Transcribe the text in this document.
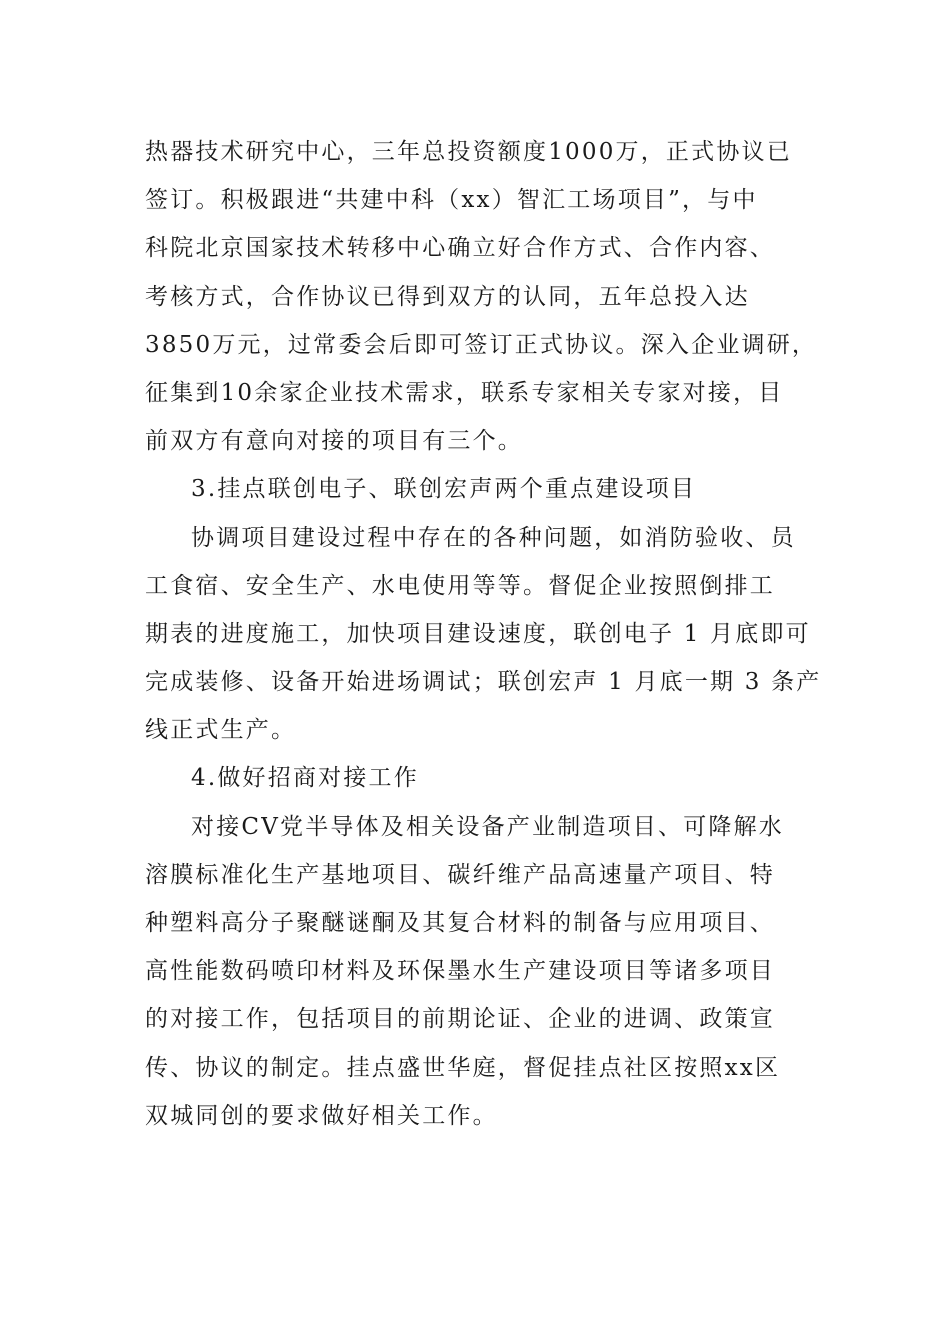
热器技术研究中心，三年总投资额度1000万，正式协议已
签订。积极跟进“共建中科（xx）智汇工场项目”，与中
科院北京国家技术转移中心确立好合作方式、合作内容、
考核方式，合作协议已得到双方的认同，五年总投入达
3850万元，过常委会后即可签订正式协议。深入企业调研，
征集到10余家企业技术需求，联系专家相关专家对接，目
前双方有意向对接的项目有三个。
3.挂点联创电子、联创宏声两个重点建设项目
协调项目建设过程中存在的各种问题，如消防验收、员
工食宿、安全生产、水电使用等等。督促企业按照倒排工
期表的进度施工，加快项目建设速度，联创电子 1 月底即可
完成装修、设备开始进场调试；联创宏声 1 月底一期 3 条产
线正式生产。
4.做好招商对接工作
对接CV党半导体及相关设备产业制造项目、可降解水
溶膜标准化生产基地项目、碳纤维产品高速量产项目、特
种塑料高分子聚醚谜酮及其复合材料的制备与应用项目、
高性能数码喷印材料及环保墨水生产建设项目等诸多项目
的对接工作，包括项目的前期论证、企业的进调、政策宣
传、协议的制定。挂点盛世华庭，督促挂点社区按照xx区
双城同创的要求做好相关工作。
